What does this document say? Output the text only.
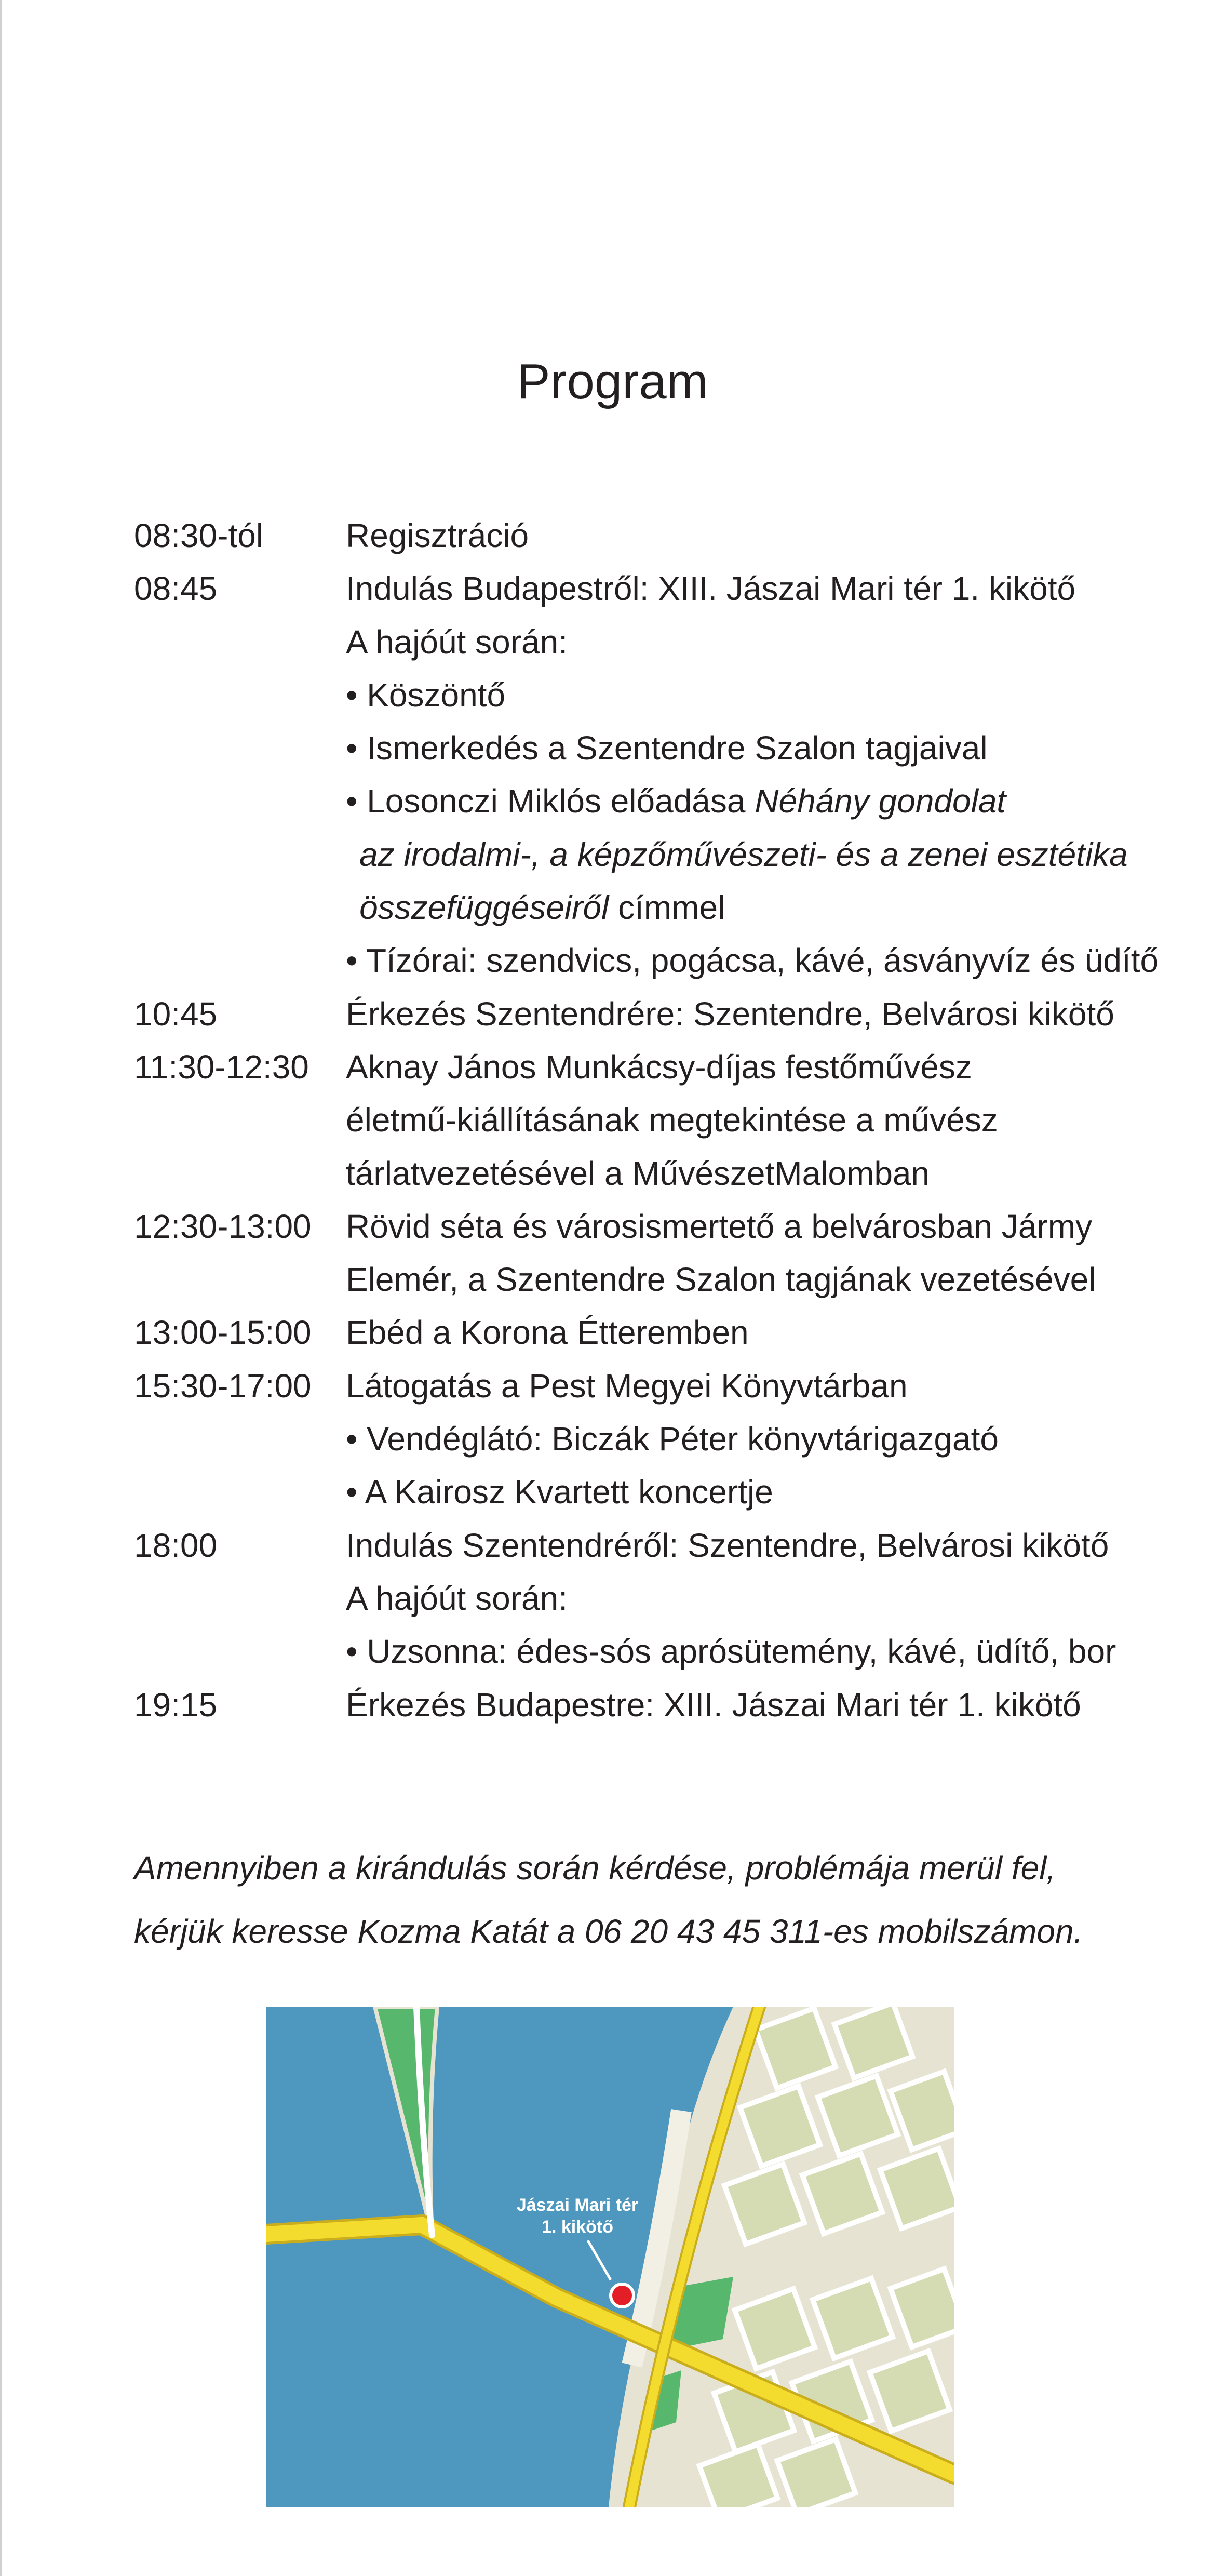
Program
08:30-tól	Regisztráció
08:45	Indulás Budapestről: XIII. Jászai Mari tér 1. kikötő
A hajóút során:
• Köszöntő
• Ismerkedés a Szentendre Szalon tagjaival
• Losonczi Miklós előadása Néhány gondolat
az irodalmi-, a képzőművészeti- és a zenei esztétika
összefüggéseiről címmel
• Tízórai: szendvics, pogácsa, kávé, ásványvíz és üdítő
10:45	Érkezés Szentendrére: Szentendre, Belvárosi kikötő
11:30-12:30	Aknay János Munkácsy-díjas festőművész
életmű-kiállításának megtekintése a művész
tárlatvezetésével a MűvészetMalomban
12:30-13:00	Rövid séta és városismertető a belvárosban Jármy
Elemér, a Szentendre Szalon tagjának vezetésével
13:00-15:00	Ebéd a Korona Étteremben
15:30-17:00	Látogatás a Pest Megyei Könyvtárban
• Vendéglátó: Biczák Péter könyvtárigazgató
• A Kairosz Kvartett koncertje
18:00	Indulás Szentendréről: Szentendre, Belvárosi kikötő
A hajóút során:
• Uzsonna: édes-sós aprósütemény, kávé, üdítő, bor
19:15	Érkezés Budapestre: XIII. Jászai Mari tér 1. kikötő
Amennyiben a kirándulás során kérdése, problémája merül fel,
kérjük keresse Kozma Katát a 06 20 43 45 311-es mobilszámon.
Jászai Mari tér
1. kikötő
